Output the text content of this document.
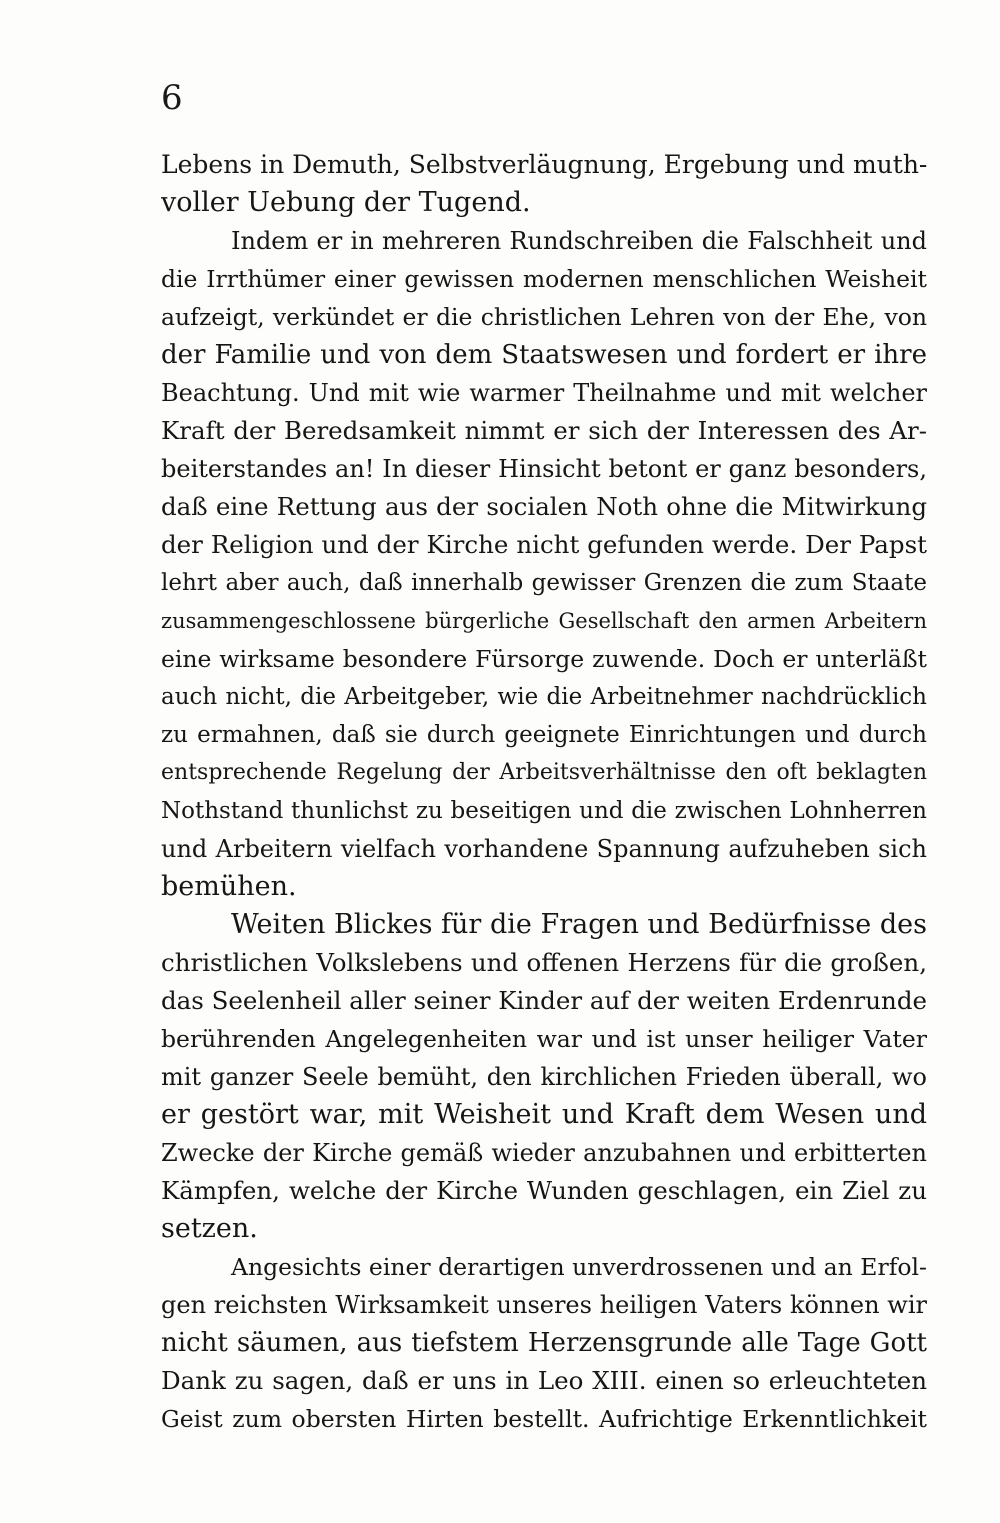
6
Lebens in Demuth, Selbstverläugnung, Ergebung und muth-
voller Uebung der Tugend.
Indem er in mehreren Rundschreiben die Falschheit und
die Irrthümer einer gewissen modernen menschlichen Weisheit
aufzeigt, verkündet er die christlichen Lehren von der Ehe, von
der Familie und von dem Staatswesen und fordert er ihre
Beachtung. Und mit wie warmer Theilnahme und mit welcher
Kraft der Beredsamkeit nimmt er sich der Interessen des Ar-
beiterstandes an! In dieser Hinsicht betont er ganz besonders,
daß eine Rettung aus der socialen Noth ohne die Mitwirkung
der Religion und der Kirche nicht gefunden werde. Der Papst
lehrt aber auch, daß innerhalb gewisser Grenzen die zum Staate
zusammengeschlossene bürgerliche Gesellschaft den armen Arbeitern
eine wirksame besondere Fürsorge zuwende. Doch er unterläßt
auch nicht, die Arbeitgeber, wie die Arbeitnehmer nachdrücklich
zu ermahnen, daß sie durch geeignete Einrichtungen und durch
entsprechende Regelung der Arbeitsverhältnisse den oft beklagten
Nothstand thunlichst zu beseitigen und die zwischen Lohnherren
und Arbeitern vielfach vorhandene Spannung aufzuheben sich
bemühen.
Weiten Blickes für die Fragen und Bedürfnisse des
christlichen Volkslebens und offenen Herzens für die großen,
das Seelenheil aller seiner Kinder auf der weiten Erdenrunde
berührenden Angelegenheiten war und ist unser heiliger Vater
mit ganzer Seele bemüht, den kirchlichen Frieden überall, wo
er gestört war, mit Weisheit und Kraft dem Wesen und
Zwecke der Kirche gemäß wieder anzubahnen und erbitterten
Kämpfen, welche der Kirche Wunden geschlagen, ein Ziel zu
setzen.
Angesichts einer derartigen unverdrossenen und an Erfol-
gen reichsten Wirksamkeit unseres heiligen Vaters können wir
nicht säumen, aus tiefstem Herzensgrunde alle Tage Gott
Dank zu sagen, daß er uns in Leo XIII. einen so erleuchteten
Geist zum obersten Hirten bestellt. Aufrichtige Erkenntlichkeit
